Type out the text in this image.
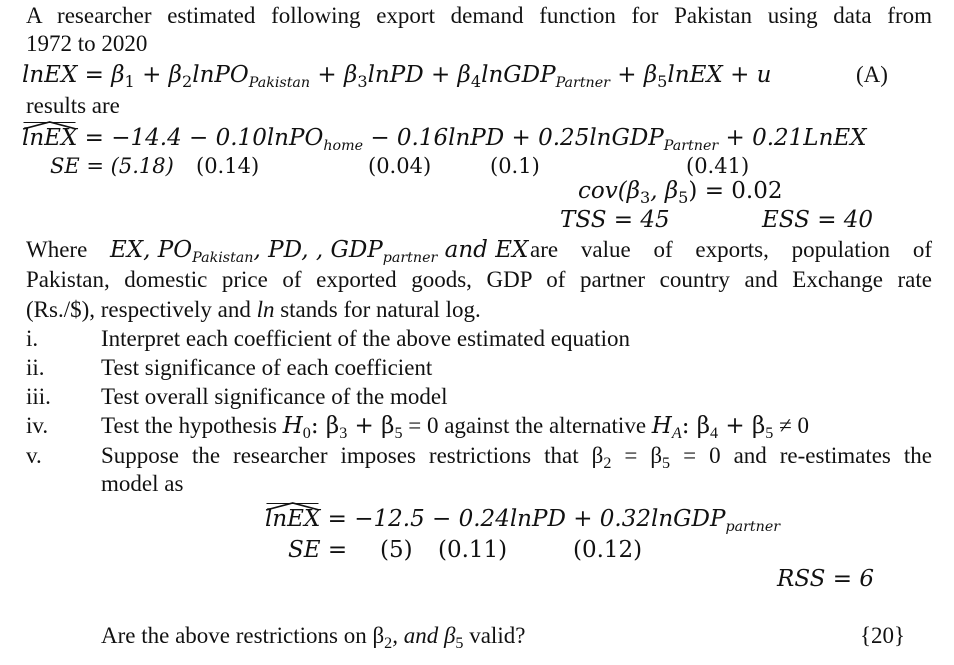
A researcher estimated following export demand function for Pakistan using data from
1972 to 2020
lnEX = $\beta_1$ + $\beta_2lnPO_{Pakistan}$ + $\beta_3lnPD$ + $\beta_4lnGDP_{Partner}$ + $\beta_5lnEX + u$	(A)
results are
lnEX = −14.4 − 0.10lnPO$_{home}$ − 0.16lnPD + 0.25lnGDP$_{Partner}$ + 0.21LnEX
SE = (5.18) (0.14)	(0.04)	(0.1)	(0.41)
$cov(\beta_3$, $\beta_5) = 0.02$
TSS = 45	ESS = 40
Where EX, $PO_{Pakistan}$, PD, , $GDP_{partner}$ and EX are value of exports, population of
Pakistan, domestic price of exported goods, GDP of partner country and Exchange rate
(Rs./$), respectively and ln stands for natural log.
i.	Interpret each coefficient of the above estimated equation
ii. Test significance of each coefficient
iii. Test overall significance of the model
iv. Test the hypothesis $H_0$: $\beta_3 + \beta_5 = 0$ against the alternative $H_A$: $\beta_4 + \beta_5 \ne 0$
v.	Suppose the researcher imposes restrictions that $\beta_2 = \beta_5 = 0$ and re-estimates the
model as
lnEX = −12.5 − 0.24lnPD + 0.32lnGDP$_{partner}$
SE = (5) (0.11)	(0.12)
RSS = 6
Are the above restrictions on $\beta_2$, and $\beta_5$ valid?	{20}
